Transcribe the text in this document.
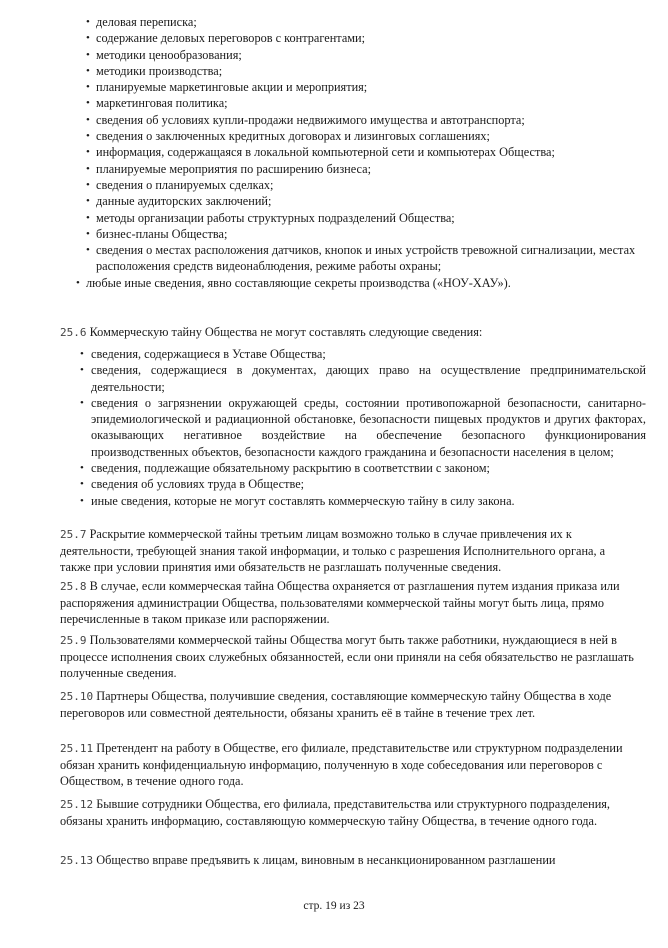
• деловая переписка;
• содержание деловых переговоров с контрагентами;
• методики ценообразования;
• методики производства;
• планируемые маркетинговые акции и мероприятия;
• маркетинговая политика;
• сведения об условиях купли-продажи недвижимого имущества и автотранспорта;
• сведения о заключенных кредитных договорах и лизинговых соглашениях;
• информация, содержащаяся в локальной компьютерной сети и компьютерах Общества;
• планируемые мероприятия по расширению бизнеса;
• сведения о планируемых сделках;
• данные аудиторских заключений;
• методы организации работы структурных подразделений Общества;
• бизнес-планы Общества;
• сведения о местах расположения датчиков, кнопок и иных устройств тревожной сигнализации, местах расположения средств видеонаблюдения, режиме работы охраны;
• любые иные сведения, явно составляющие секреты производства («НОУ-ХАУ»).
25.6 Коммерческую тайну Общества не могут составлять следующие сведения:
• сведения, содержащиеся в Уставе Общества;
• сведения, содержащиеся в документах, дающих право на осуществление предпринимательской деятельности;
• сведения о загрязнении окружающей среды, состоянии противопожарной безопасности, санитарно-эпидемиологической и радиационной обстановке, безопасности пищевых продуктов и других факторах, оказывающих негативное воздействие на обеспечение безопасного функционирования производственных объектов, безопасности каждого гражданина и безопасности населения в целом;
• сведения, подлежащие обязательному раскрытию в соответствии с законом;
• сведения об условиях труда в Обществе;
• иные сведения, которые не могут составлять коммерческую тайну в силу закона.
25.7 Раскрытие коммерческой тайны третьим лицам возможно только в случае привлечения их к деятельности, требующей знания такой информации, и только с разрешения Исполнительного органа, а также при условии принятия ими обязательств не разглашать полученные сведения.
25.8 В случае, если коммерческая тайна Общества охраняется от разглашения путем издания приказа или распоряжения администрации Общества, пользователями коммерческой тайны могут быть лица, прямо перечисленные в таком приказе или распоряжении.
25.9 Пользователями коммерческой тайны Общества могут быть также работники, нуждающиеся в ней в процессе исполнения своих служебных обязанностей, если они приняли на себя обязательство не разглашать полученные сведения.
25.10 Партнеры Общества, получившие сведения, составляющие коммерческую тайну Общества в ходе переговоров или совместной деятельности, обязаны хранить её в тайне в течение трех лет.
25.11 Претендент на работу в Обществе, его филиале, представительстве или структурном подразделении обязан хранить конфиденциальную информацию, полученную в ходе собеседования или переговоров с Обществом, в течение одного года.
25.12 Бывшие сотрудники Общества, его филиала, представительства или структурного подразделения, обязаны хранить информацию, составляющую коммерческую тайну Общества, в течение одного года.
25.13 Общество вправе предъявить к лицам, виновным в несанкционированном разглашении
стр. 19 из 23
